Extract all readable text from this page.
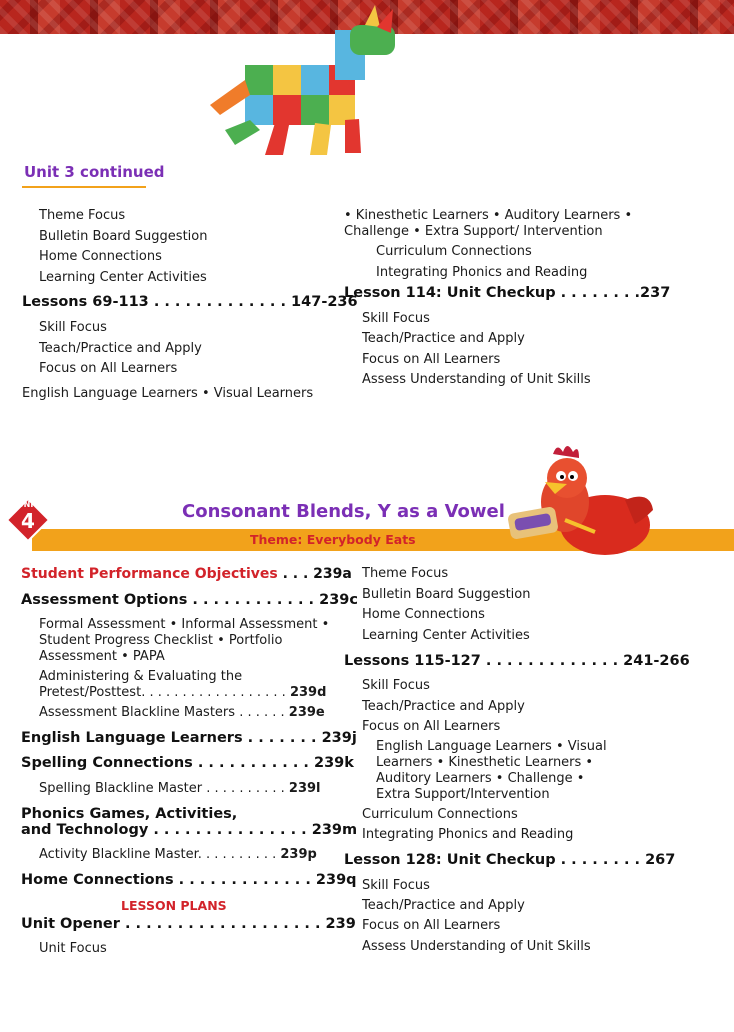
Unit 3 continued
Theme Focus
Bulletin Board Suggestion
Home Connections
Learning Center Activities
Lessons 69-113 . . . . . . . . . . . . . 147-236
Skill Focus
Teach/Practice and Apply
Focus on All Learners
English Language Learners • Visual Learners
• Kinesthetic Learners • Auditory Learners •
Challenge • Extra Support/ Intervention
Curriculum Connections
Integrating Phonics and Reading
Lesson 114: Unit Checkup . . . . . . . .237
Skill Focus
Teach/Practice and Apply
Focus on All Learners
Assess Understanding of Unit Skills
UNIT
4	Consonant Blends, Y as a Vowel
Theme: Everybody Eats
Student Performance Objectives . . . 239a
Assessment Options . . . . . . . . . . . . 239c
Formal Assessment • Informal Assessment •
Student Progress Checklist • Portfolio
Assessment • PAPA
Administering & Evaluating the
Pretest/Posttest. . . . . . . . . . . . . . . . . . 239d
Assessment Blackline Masters . . . . . . 239e
English Language Learners . . . . . . . 239j
Spelling Connections . . . . . . . . . . . 239k
Spelling Blackline Master . . . . . . . . . . 239l
Phonics Games, Activities,
and Technology . . . . . . . . . . . . . . . 239m
Activity Blackline Master. . . . . . . . . . 239p
Home Connections . . . . . . . . . . . . . 239q
LESSON PLANS
Unit Opener . . . . . . . . . . . . . . . . . . . 239
Unit Focus
Theme Focus
Bulletin Board Suggestion
Home Connections
Learning Center Activities
Lessons 115-127 . . . . . . . . . . . . . 241-266
Skill Focus
Teach/Practice and Apply
Focus on All Learners
English Language Learners • Visual
Learners • Kinesthetic Learners •
Auditory Learners • Challenge •
Extra Support/Intervention
Curriculum Connections
Integrating Phonics and Reading
Lesson 128: Unit Checkup . . . . . . . . 267
Skill Focus
Teach/Practice and Apply
Focus on All Learners
Assess Understanding of Unit Skills
